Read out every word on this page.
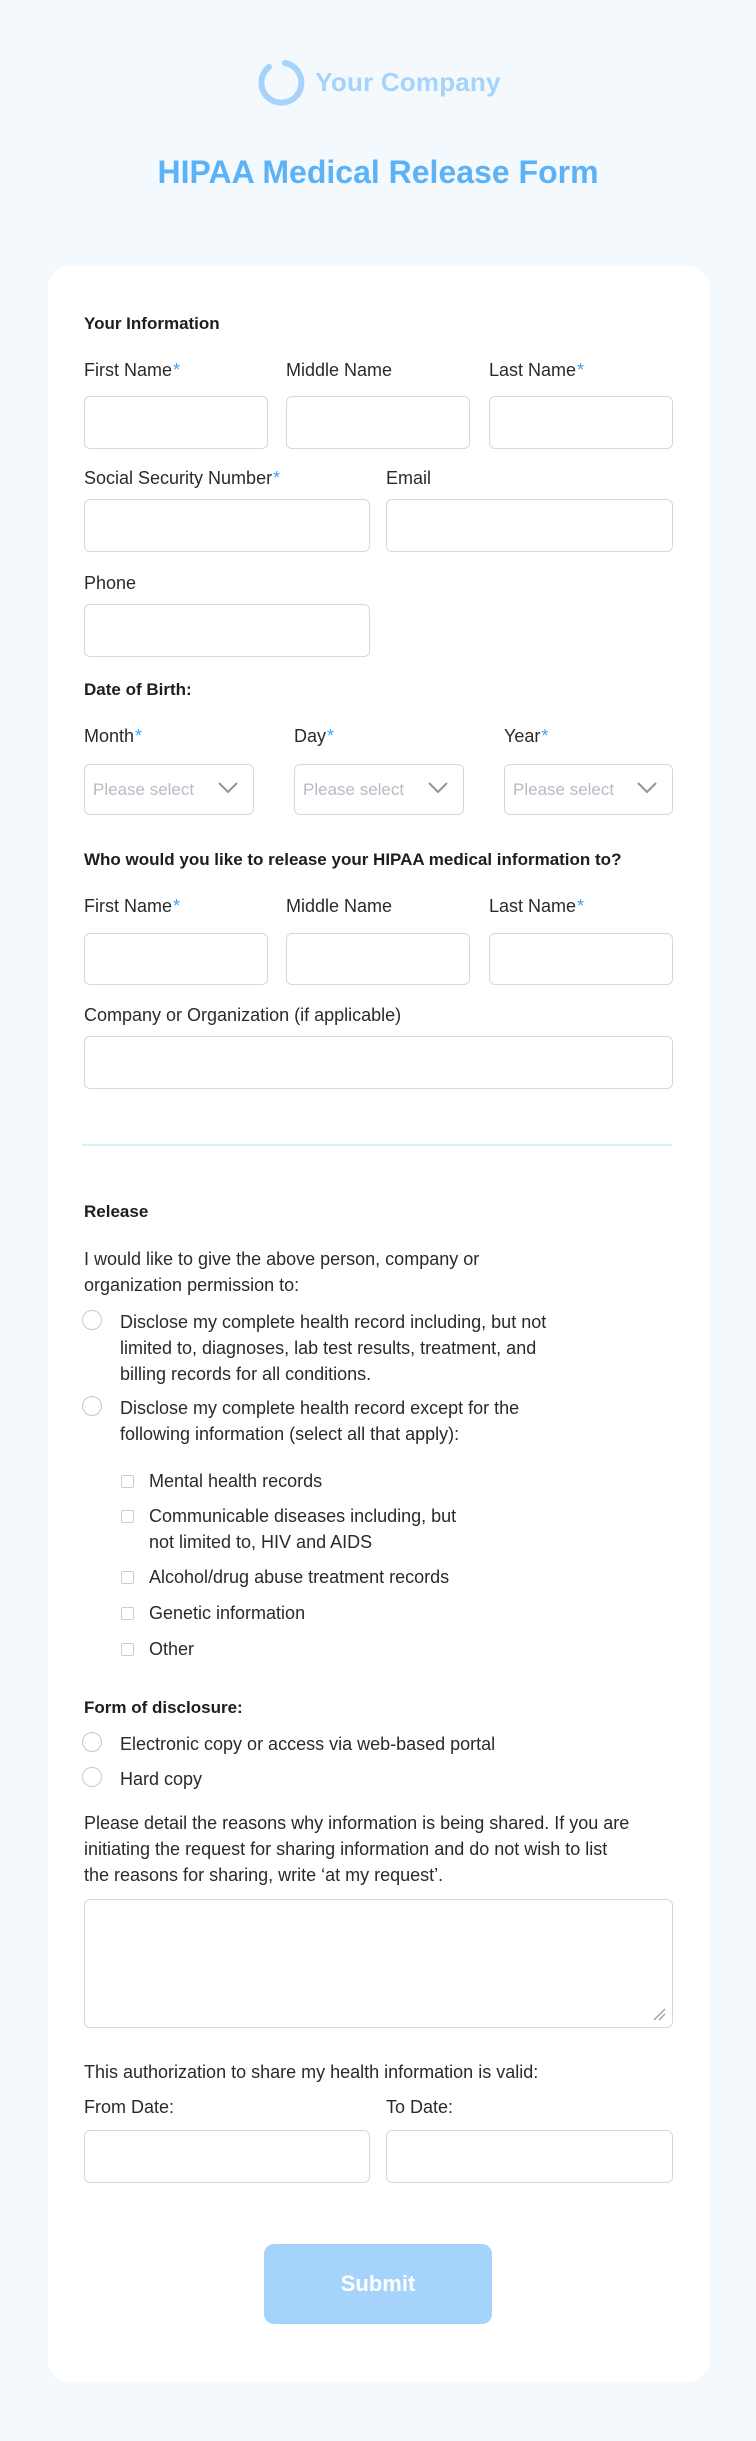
Your Company
HIPAA Medical Release Form
Your Information
First Name*	Middle Name	Last Name*
Social Security Number*	Email
Phone
Date of Birth:
Month*	Day*	Year*
Please select	Please select	Please select
Who would you like to release your HIPAA medical information to?
First Name*	Middle Name	Last Name*
Company or Organization (if applicable)
Release
I would like to give the above person, company or
organization permission to:
Disclose my complete health record including, but not
limited to, diagnoses, lab test results, treatment, and
billing records for all conditions.
Disclose my complete health record except for the
following information (select all that apply):
Mental health records
Communicable diseases including, but
not limited to, HIV and AIDS
Alcohol/drug abuse treatment records
Genetic information
Other
Form of disclosure:
Electronic copy or access via web-based portal
Hard copy
Please detail the reasons why information is being shared. If you are
initiating the request for sharing information and do not wish to list
the reasons for sharing, write ‘at my request’.
This authorization to share my health information is valid:
From Date:	To Date:
Submit
